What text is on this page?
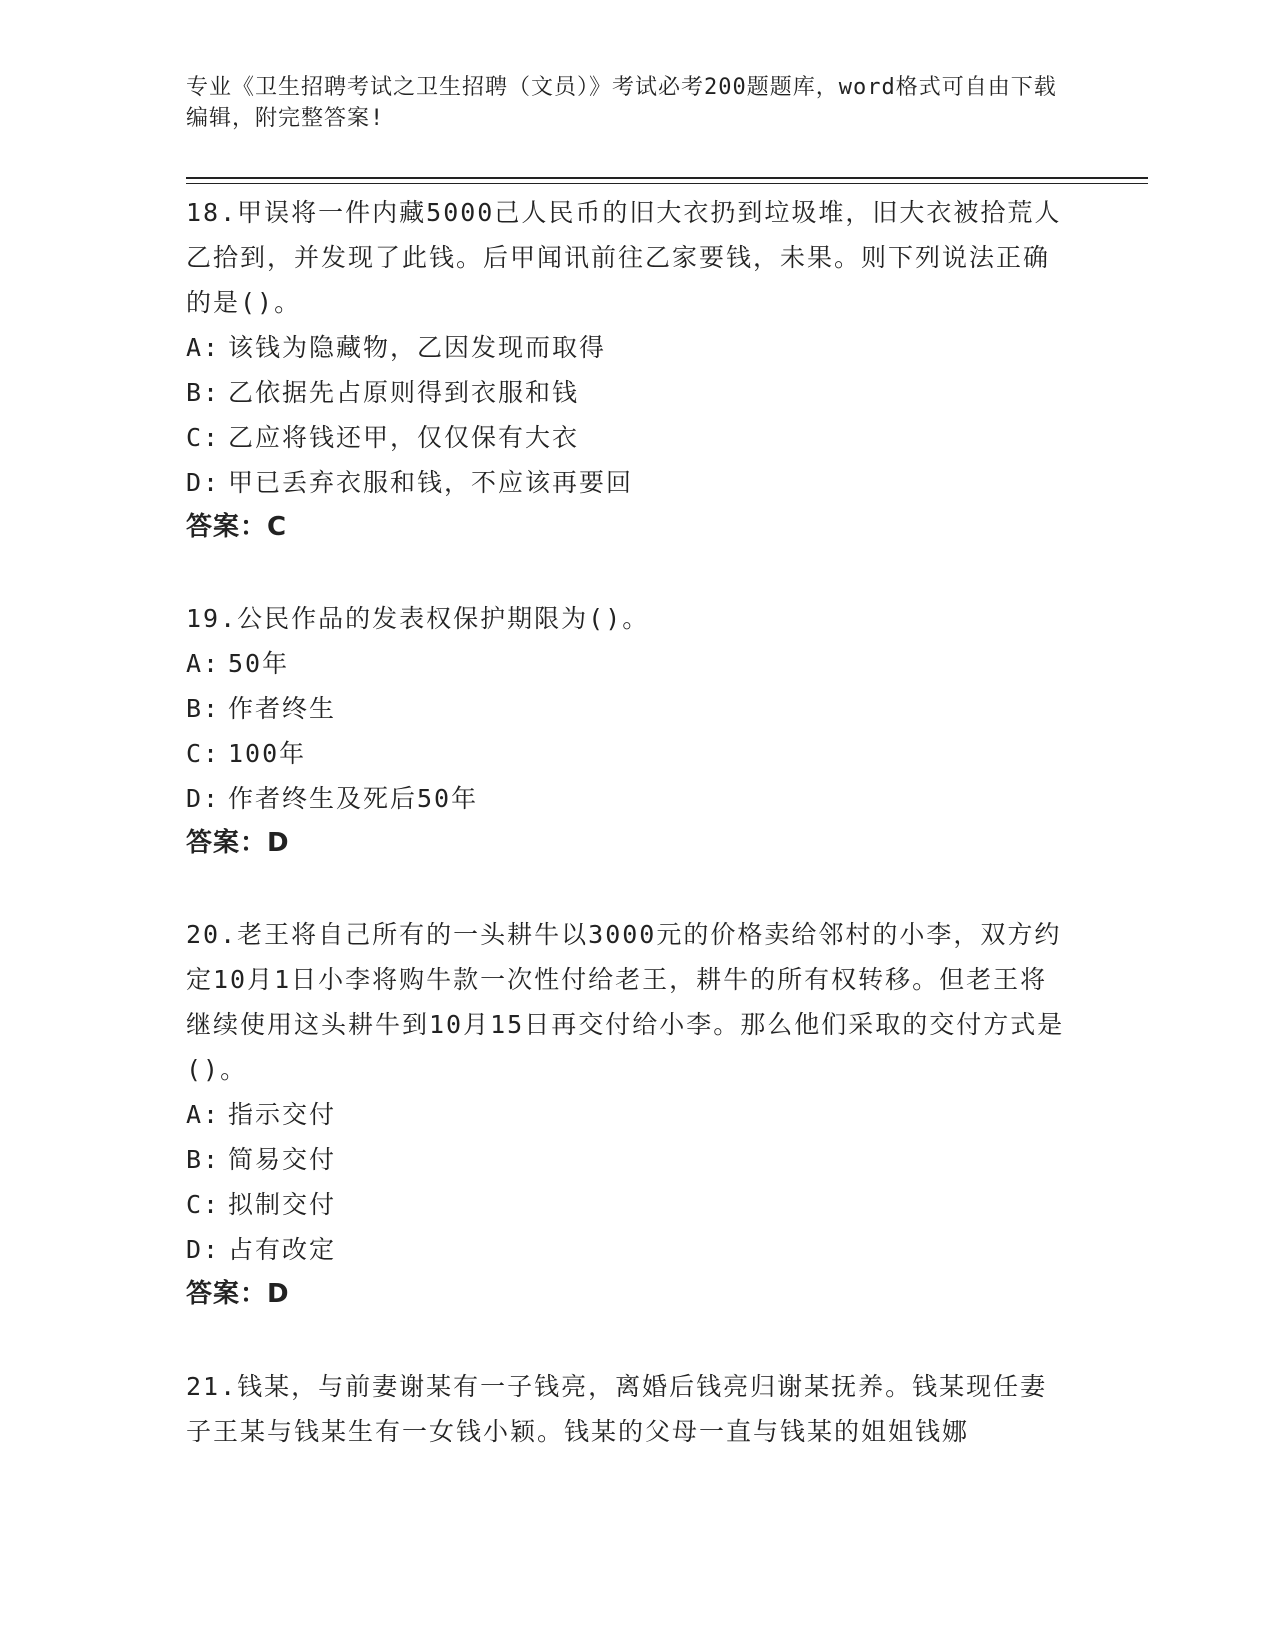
专业《卫生招聘考试之卫生招聘（文员）》考试必考200题题库，word格式可自由下载编辑，附完整答案!

18.甲误将一件内藏5000己人民币的旧大衣扔到垃圾堆，旧大衣被拾荒人乙拾到，并发现了此钱。后甲闻讯前往乙家要钱，未果。则下列说法正确的是()。

A: 该钱为隐藏物，乙因发现而取得

B: 乙依据先占原则得到衣服和钱

C: 乙应将钱还甲，仅仅保有大衣

D: 甲已丢弃衣服和钱，不应该再要回

答案：C

19.公民作品的发表权保护期限为()。

A: 50年

B: 作者终生

C: 100年

D: 作者终生及死后50年

答案：D

20.老王将自己所有的一头耕牛以3000元的价格卖给邻村的小李，双方约定10月1日小李将购牛款一次性付给老王，耕牛的所有权转移。但老王将继续使用这头耕牛到10月15日再交付给小李。那么他们采取的交付方式是()。

A: 指示交付

B: 简易交付

C: 拟制交付

D: 占有改定

答案：D

21.钱某，与前妻谢某有一子钱亮，离婚后钱亮归谢某抚养。钱某现任妻子王某与钱某生有一女钱小颖。钱某的父母一直与钱某的姐姐钱娜
